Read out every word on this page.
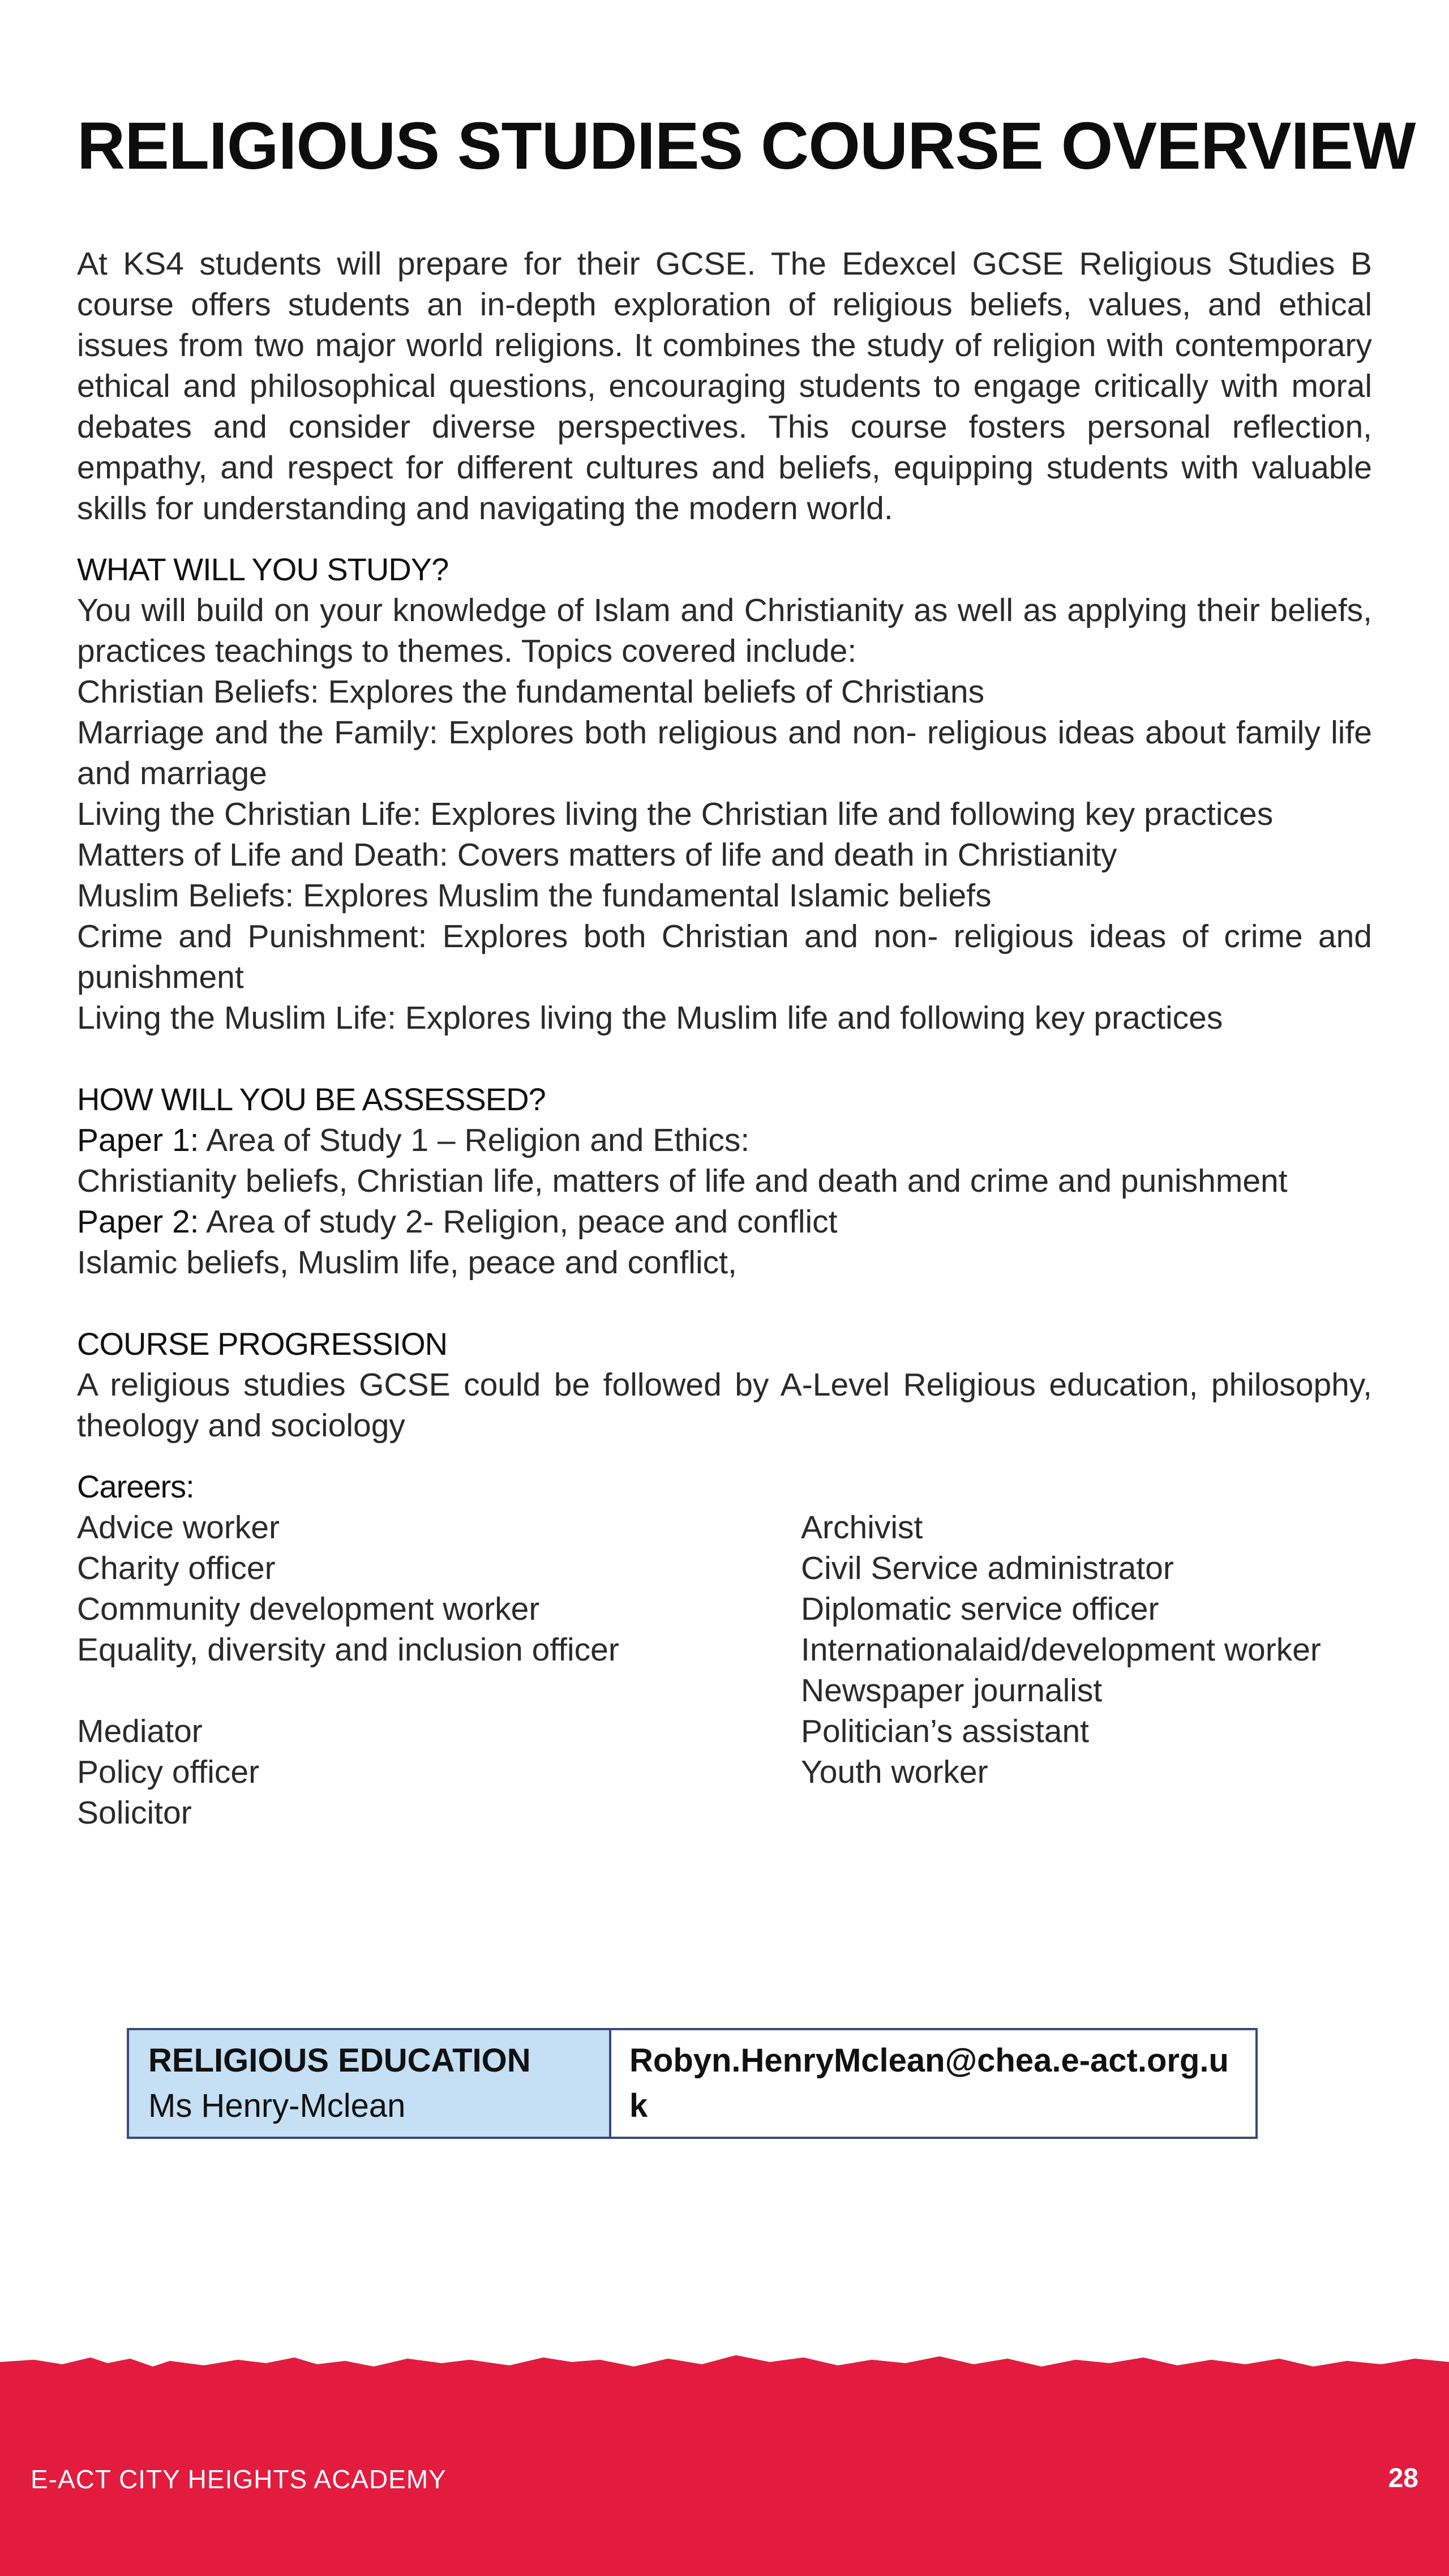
RELIGIOUS STUDIES COURSE OVERVIEW

At KS4 students will prepare for their GCSE. The Edexcel GCSE Religious Studies B course offers students an in-depth exploration of religious beliefs, values, and ethical issues from two major world religions. It combines the study of religion with contemporary ethical and philosophical questions, encouraging students to engage critically with moral debates and consider diverse perspectives. This course fosters personal reflection, empathy, and respect for different cultures and beliefs, equipping students with valuable skills for understanding and navigating the modern world.

WHAT WILL YOU STUDY?

You will build on your knowledge of Islam and Christianity as well as applying their beliefs, practices teachings to themes. Topics covered include:

Christian Beliefs: Explores the fundamental beliefs of Christians

Marriage and the Family: Explores both religious and non- religious ideas about family life and marriage

Living the Christian Life: Explores living the Christian life and following key practices

Matters of Life and Death: Covers matters of life and death in Christianity

Muslim Beliefs: Explores Muslim the fundamental Islamic beliefs

Crime and Punishment: Explores both Christian and non- religious ideas of crime and punishment

Living the Muslim Life: Explores living the Muslim life and following key practices

HOW WILL YOU BE ASSESSED?

Paper 1: Area of Study 1 – Religion and Ethics:

Christianity beliefs, Christian life, matters of life and death and crime and punishment

Paper 2: Area of study 2- Religion, peace and conflict

Islamic beliefs, Muslim life, peace and conflict,

COURSE PROGRESSION

A religious studies GCSE could be followed by A-Level Religious education, philosophy, theology and sociology

Careers:
Advice worker
Charity officer
Community development worker
Equality, diversity and inclusion officer
Mediator
Policy officer
Solicitor
Archivist
Civil Service administrator
Diplomatic service officer
Internationalaid/development worker
Newspaper journalist
Politician’s assistant
Youth worker
RELIGIOUS EDUCATION
Ms Henry-Mclean
Robyn.HenryMclean@chea.e-act.org.uk
E-ACT CITY HEIGHTS ACADEMY	28
